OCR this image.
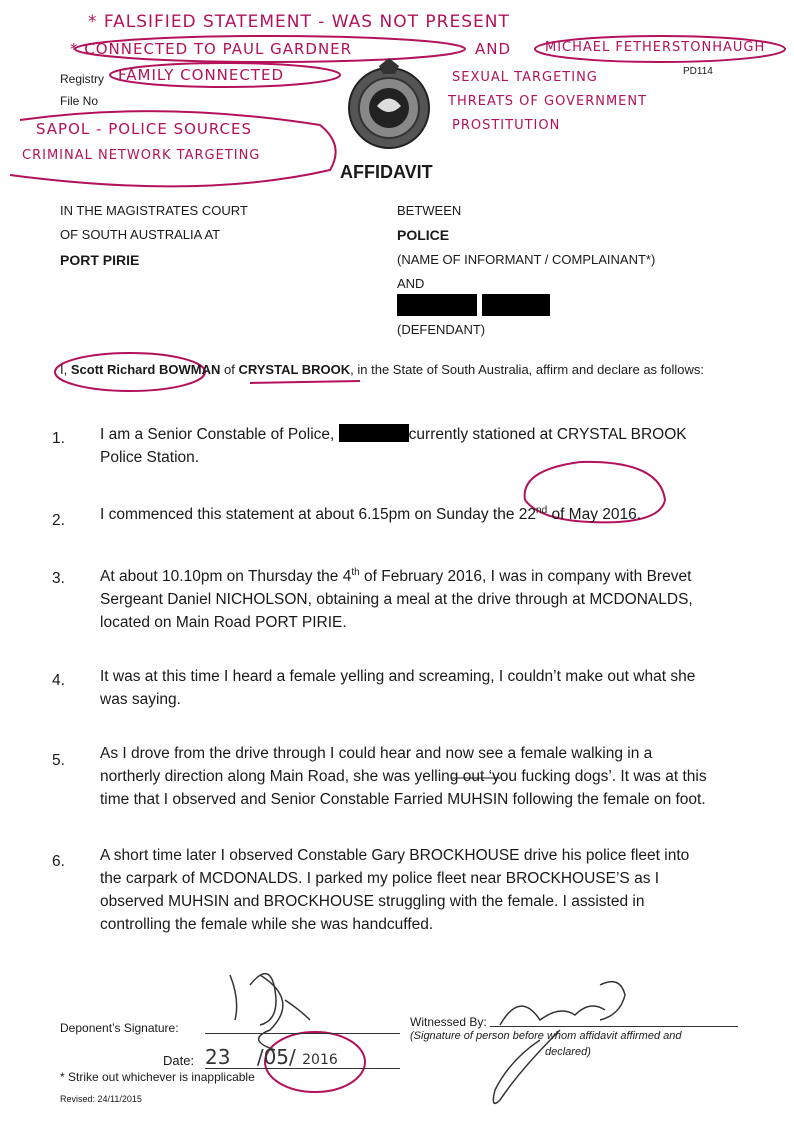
* FALSIFIED STATEMENT - WAS NOT PRESENT
* CONNECTED TO PAUL GARDNER	AND	MICHAEL FETHERSTONHAUGH
FAMILY CONNECTED	SEXUAL TARGETING
THREATS OF GOVERNMENT
PROSTITUTION
SAPOL - POLICE SOURCES
CRIMINAL NETWORK TARGETING
Registry
File No
PD114
AFFIDAVIT
IN THE MAGISTRATES COURT
OF SOUTH AUSTRALIA AT
PORT PIRIE
BETWEEN
POLICE
(NAME OF INFORMANT / COMPLAINANT*)
AND
(DEFENDANT)
I, Scott Richard BOWMAN of CRYSTAL BROOK, in the State of South Australia, affirm and declare as follows:
1. I am a Senior Constable of Police,	currently stationed at CRYSTAL BROOK
Police Station.
2. I commenced this statement at about 6.15pm on Sunday the 22nd of May 2016.
3. At about 10.10pm on Thursday the 4th of February 2016, I was in company with Brevet
Sergeant Daniel NICHOLSON, obtaining a meal at the drive through at MCDONALDS,
located on Main Road PORT PIRIE.
4. It was at this time I heard a female yelling and screaming, I couldn’t make out what she
was saying.
5. As I drove from the drive through I could hear and now see a female walking in a
northerly direction along Main Road, she was yelling out ‘you fucking dogs’. It was at this
time that I observed and Senior Constable Farried MUHSIN following the female on foot.
6. A short time later I observed Constable Gary BROCKHOUSE drive his police fleet into
the carpark of MCDONALDS. I parked my police fleet near BROCKHOUSE’S as I
observed MUHSIN and BROCKHOUSE struggling with the female. I assisted in
controlling the female while she was handcuffed.
Deponent’s Signature:
Date: 23 /05/ 2016
* Strike out whichever is inapplicable
Revised: 24/11/2015
Witnessed By:
(Signature of person before whom affidavit affirmed and
declared)
